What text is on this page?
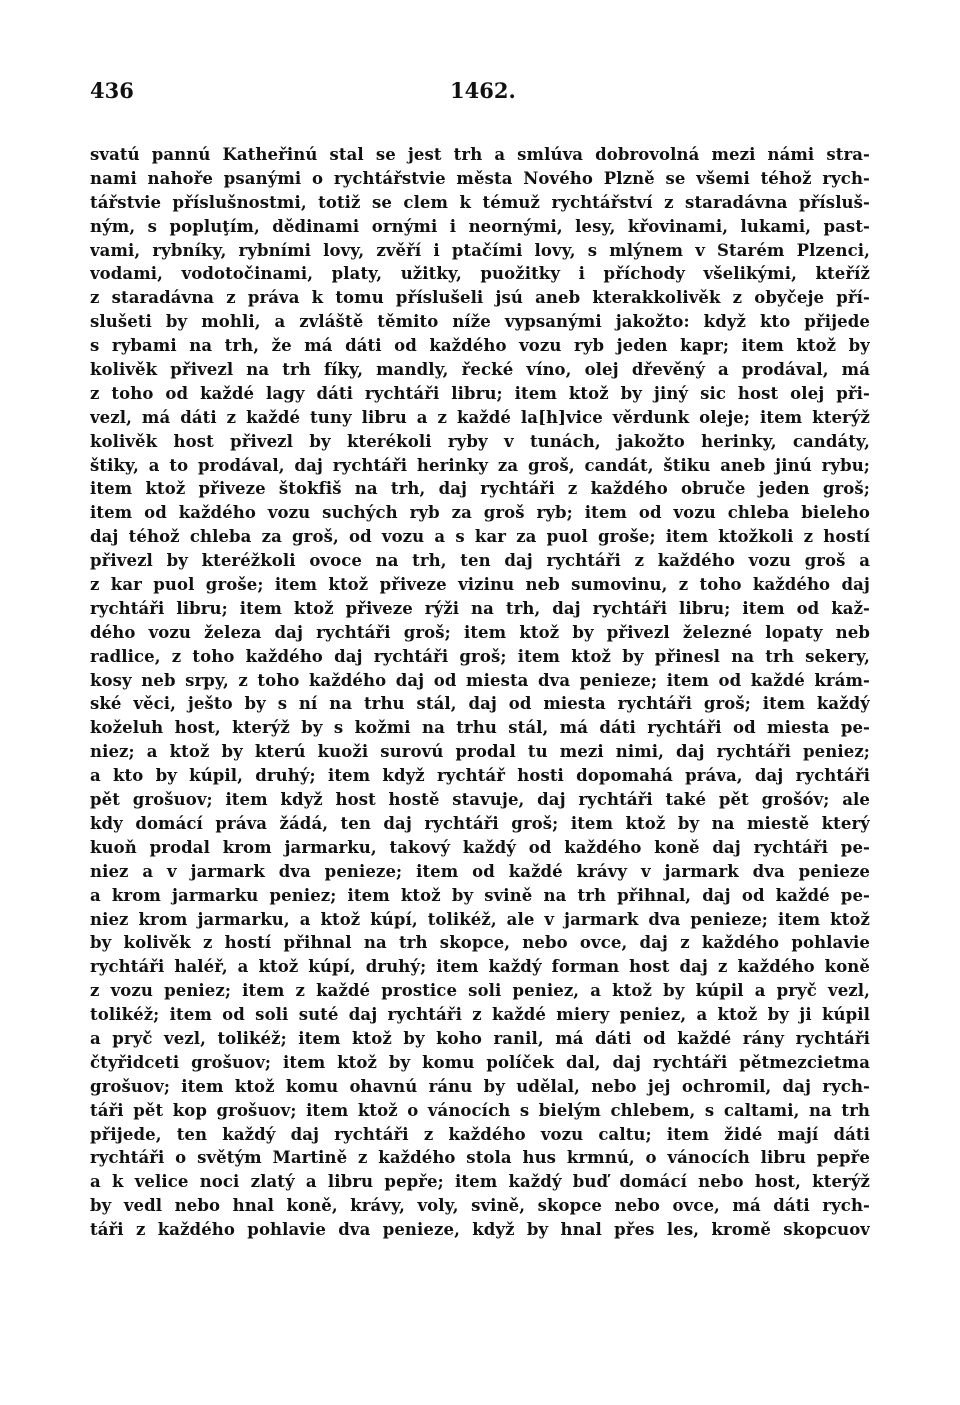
436	1462.
svatú pannú Katheřinú stal se jest trh a smlúva dobrovolná mezi námi stra-
nami nahoře psanými o rychtářstvie města Nového Plzně se všemi téhož rych-
tářstvie příslušnostmi, totiž se clem k témuž rychtářství z staradávna přísluš-
ným, s popluţím, dědinami ornými i neornými, lesy, křovinami, lukami, past-
vami, rybníky, rybními lovy, zvěří i ptačími lovy, s mlýnem v Starém Plzenci,
vodami, vodotočinami, platy, užitky, puožitky i příchody všelikými, kteříž
z staradávna z práva k tomu příslušeli jsú aneb kterakkolivěk z obyčeje pří-
slušeti by mohli, a zvláště těmito níže vypsanými jakožto: když kto přijede
s rybami na trh, že má dáti od každého vozu ryb jeden kapr; item ktož by
kolivěk přivezl na trh fíky, mandly, řecké víno, olej dřevěný a prodával, má
z toho od každé lagy dáti rychtáři libru; item ktož by jiný sic host olej při-
vezl, má dáti z každé tuny libru a z každé la[h]vice věrdunk oleje; item kterýž
kolivěk host přivezl by kterékoli ryby v tunách, jakožto herinky, candáty,
štiky, a to prodával, daj rychtáři herinky za groš, candát, štiku aneb jinú rybu;
item ktož přiveze štokfiš na trh, daj rychtáři z každého obruče jeden groš;
item od každého vozu suchých ryb za groš ryb; item od vozu chleba bieleho
daj téhož chleba za groš, od vozu a s kar za puol groše; item ktožkoli z hostí
přivezl by kteréžkoli ovoce na trh, ten daj rychtáři z každého vozu groš a
z kar puol groše; item ktož přiveze vizinu neb sumovinu, z toho každého daj
rychtáři libru; item ktož přiveze rýži na trh, daj rychtáři libru; item od kaž-
dého vozu železa daj rychtáři groš; item ktož by přivezl železné lopaty neb
radlice, z toho každého daj rychtáři groš; item ktož by přinesl na trh sekery,
kosy neb srpy, z toho každého daj od miesta dva penieze; item od každé krám-
ské věci, ješto by s ní na trhu stál, daj od miesta rychtáři groš; item každý
koželuh host, kterýž by s kožmi na trhu stál, má dáti rychtáři od miesta pe-
niez; a ktož by kterú kuoži surovú prodal tu mezi nimi, daj rychtáři peniez;
a kto by kúpil, druhý; item když rychtář hosti dopomahá práva, daj rychtáři
pět grošuov; item když host hostě stavuje, daj rychtáři také pět grošóv; ale
kdy domácí práva žádá, ten daj rychtáři groš; item ktož by na miestě který
kuoň prodal krom jarmarku, takový každý od každého koně daj rychtáři pe-
niez a v jarmark dva penieze; item od každé krávy v jarmark dva penieze
a krom jarmarku peniez; item ktož by svině na trh přihnal, daj od každé pe-
niez krom jarmarku, a ktož kúpí, tolikéž, ale v jarmark dva penieze; item ktož
by kolivěk z hostí přihnal na trh skopce, nebo ovce, daj z každého pohlavie
rychtáři haléř, a ktož kúpí, druhý; item každý forman host daj z každého koně
z vozu peniez; item z každé prostice soli peniez, a ktož by kúpil a pryč vezl,
tolikéž; item od soli suté daj rychtáři z každé miery peniez, a ktož by ji kúpil
a pryč vezl, tolikéž; item ktož by koho ranil, má dáti od každé rány rychtáři
čtyřidceti grošuov; item ktož by komu políček dal, daj rychtáři pětmezcietma
grošuov; item ktož komu ohavnú ránu by udělal, nebo jej ochromil, daj rych-
táři pět kop grošuov; item ktož o vánocích s bielým chlebem, s caltami, na trh
přijede, ten každý daj rychtáři z každého vozu caltu; item židé mají dáti
rychtáři o světým Martině z každého stola hus krmnú, o vánocích libru pepře
a k velice noci zlatý a libru pepře; item každý buď domácí nebo host, kterýž
by vedl nebo hnal koně, krávy, voly, svině, skopce nebo ovce, má dáti rych-
táři z každého pohlavie dva penieze, když by hnal přes les, kromě skopcuov
